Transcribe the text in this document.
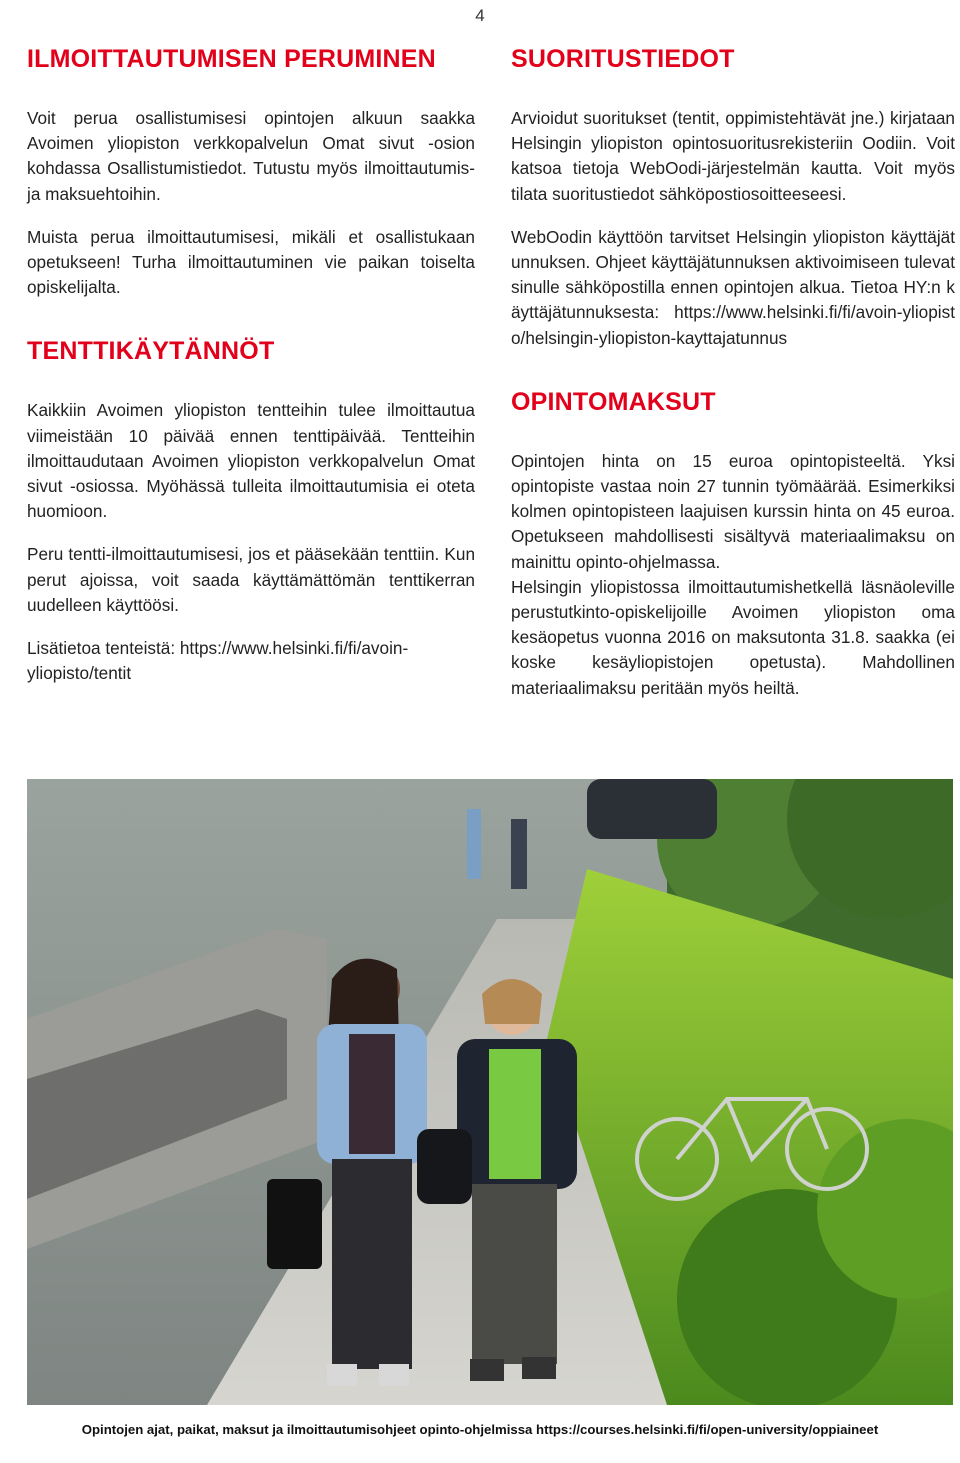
4
ILMOITTAUTUMISEN PERUMINEN

Voit perua osallistumisesi opintojen alkuun saakka Avoimen yliopiston verkkopalvelun Omat sivut -osion kohdassa Osallistumistiedot. Tutustu myös ilmoittautumis- ja maksuehtoihin.

Muista perua ilmoittautumisesi, mikäli et osallistukaan opetukseen! Turha ilmoittautuminen vie paikan toiselta opiskelijalta.

TENTTIKÄYTÄNNÖT

Kaikkiin Avoimen yliopiston tentteihin tulee ilmoittautua viimeistään 10 päivää ennen tenttipäivää. Tentteihin ilmoittaudutaan Avoimen yliopiston verkkopalvelun Omat sivut -osiossa. Myöhässä tulleita ilmoittautumisia ei oteta huomioon.

Peru tentti-ilmoittautumisesi, jos et pääsekään tenttiin. Kun perut ajoissa, voit saada käyttämättömän tenttikerran uudelleen käyttöösi.

Lisätietoa tenteistä: https://www.helsinki.fi/fi/avoin-yliopisto/tentit

SUORITUSTIEDOT

Arvioidut suoritukset (tentit, oppimistehtävät jne.) kirjataan Helsingin yliopiston opintosuoritusrekisteriin Oodiin. Voit katsoa tietoja WebOodi-järjestelmän kautta. Voit myös tilata suoritustiedot sähköpostiosoitteeseesi.

WebOodin käyttöön tarvitset Helsingin yliopiston käyttäjätunnuksen. Ohjeet käyttäjätunnuksen aktivoimiseen tulevat sinulle sähköpostilla ennen opintojen alkua. Tietoa HY:n käyttäjätunnuksesta: https://www.helsinki.fi/fi/avoin-yliopisto/helsingin-yliopiston-kayttajatunnus

OPINTOMAKSUT

Opintojen hinta on 15 euroa opintopisteeltä. Yksi opintopiste vastaa noin 27 tunnin työmäärää. Esimerkiksi kolmen opintopisteen laajuisen kurssin hinta on 45 euroa. Opetukseen mahdollisesti sisältyvä materiaalimaksu on mainittu opinto-ohjelmassa.

Helsingin yliopistossa ilmoittautumishetkellä läsnäoleville perustutkinto-opiskelijoille Avoimen yliopiston oma kesäopetus vuonna 2016 on maksutonta 31.8. saakka (ei koske kesäyliopistojen opetusta). Mahdollinen materiaalimaksu peritään myös heiltä.

Opintojen ajat, paikat, maksut ja ilmoittautumisohjeet opinto-ohjelmissa https://courses.helsinki.fi/fi/open-university/oppiaineet
